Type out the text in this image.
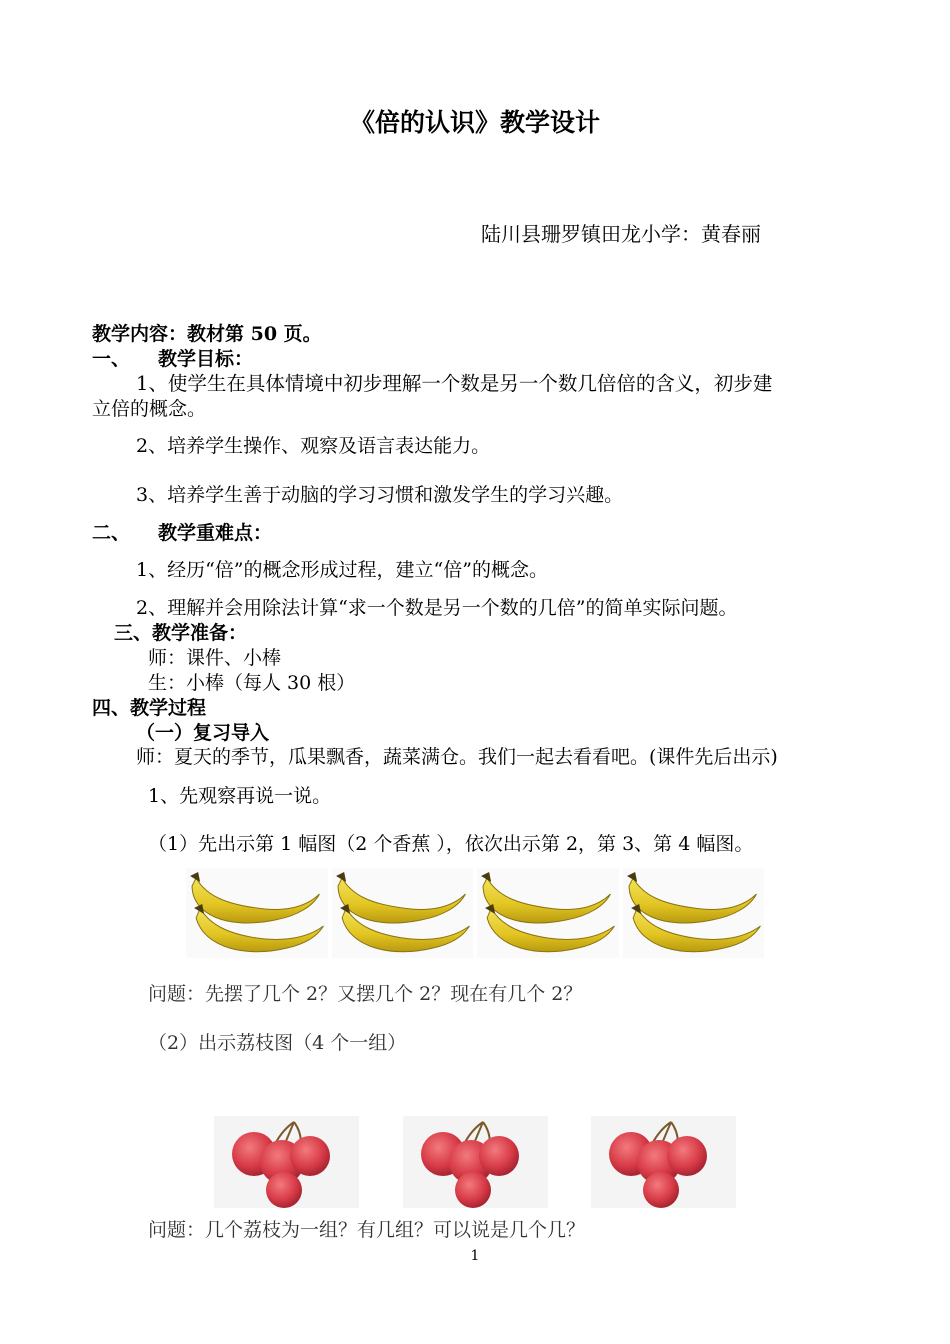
《倍的认识》教学设计
陆川县珊罗镇田龙小学：黄春丽
教学内容：教材第 50 页。
一、 教学目标：
1、使学生在具体情境中初步理解一个数是另一个数几倍倍的含义，初步建
立倍的概念。
2、培养学生操作、观察及语言表达能力。
3、培养学生善于动脑的学习习惯和激发学生的学习兴趣。
二、 教学重难点：
1、经历“倍”的概念形成过程，建立“倍”的概念。
2、理解并会用除法计算“求一个数是另一个数的几倍”的简单实际问题。
三、教学准备：
师：课件、小棒
生：小棒（每人 30 根）
四、教学过程
（一）复习导入
师：夏天的季节，瓜果飘香，蔬菜满仓。我们一起去看看吧。(课件先后出示)
1、先观察再说一说。
（1）先出示第 1 幅图（2 个香蕉 ），依次出示第 2，第 3、第 4 幅图。
问题：先摆了几个 2？又摆几个 2？现在有几个 2？
（2）出示荔枝图（4 个一组）
问题：几个荔枝为一组？有几组？可以说是几个几？
1
